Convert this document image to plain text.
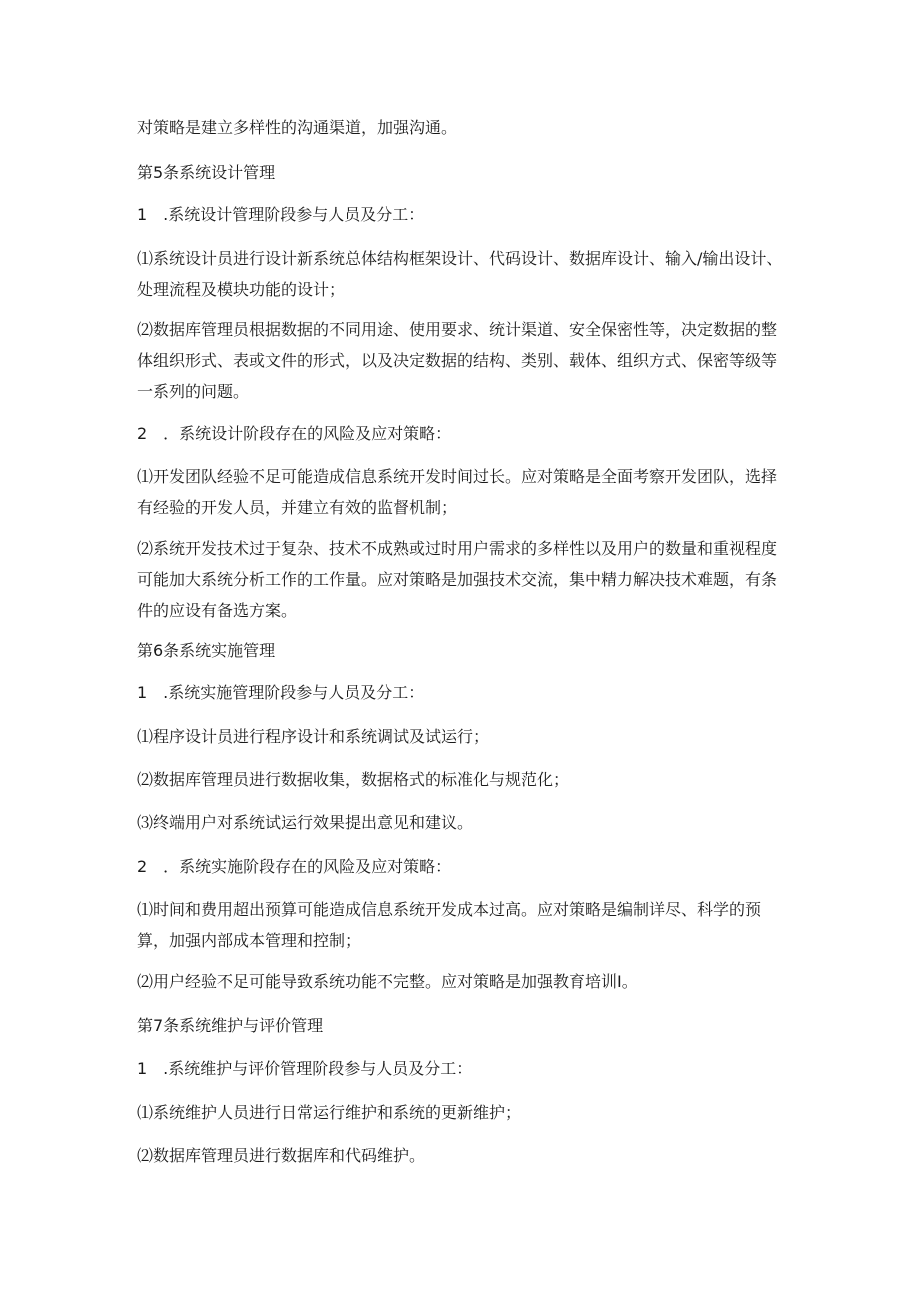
对策略是建立多样性的沟通渠道，加强沟通。

第5条系统设计管理

1　.系统设计管理阶段参与人员及分工：

⑴系统设计员进行设计新系统总体结构框架设计、代码设计、数据库设计、输入/输出设计、处理流程及模块功能的设计；

⑵数据库管理员根据数据的不同用途、使用要求、统计渠道、安全保密性等，决定数据的整体组织形式、表或文件的形式，以及决定数据的结构、类别、载体、组织方式、保密等级等一系列的问题。

2　．系统设计阶段存在的风险及应对策略：

⑴开发团队经验不足可能造成信息系统开发时间过长。应对策略是全面考察开发团队，选择有经验的开发人员，并建立有效的监督机制；

⑵系统开发技术过于复杂、技术不成熟或过时用户需求的多样性以及用户的数量和重视程度可能加大系统分析工作的工作量。应对策略是加强技术交流，集中精力解决技术难题，有条件的应设有备选方案。

第6条系统实施管理

1　.系统实施管理阶段参与人员及分工：

⑴程序设计员进行程序设计和系统调试及试运行；

⑵数据库管理员进行数据收集，数据格式的标准化与规范化；

⑶终端用户对系统试运行效果提出意见和建议。

2　．系统实施阶段存在的风险及应对策略：

⑴时间和费用超出预算可能造成信息系统开发成本过高。应对策略是编制详尽、科学的预算，加强内部成本管理和控制；

⑵用户经验不足可能导致系统功能不完整。应对策略是加强教育培训I。

第7条系统维护与评价管理

1　.系统维护与评价管理阶段参与人员及分工：

⑴系统维护人员进行日常运行维护和系统的更新维护；

⑵数据库管理员进行数据库和代码维护。
